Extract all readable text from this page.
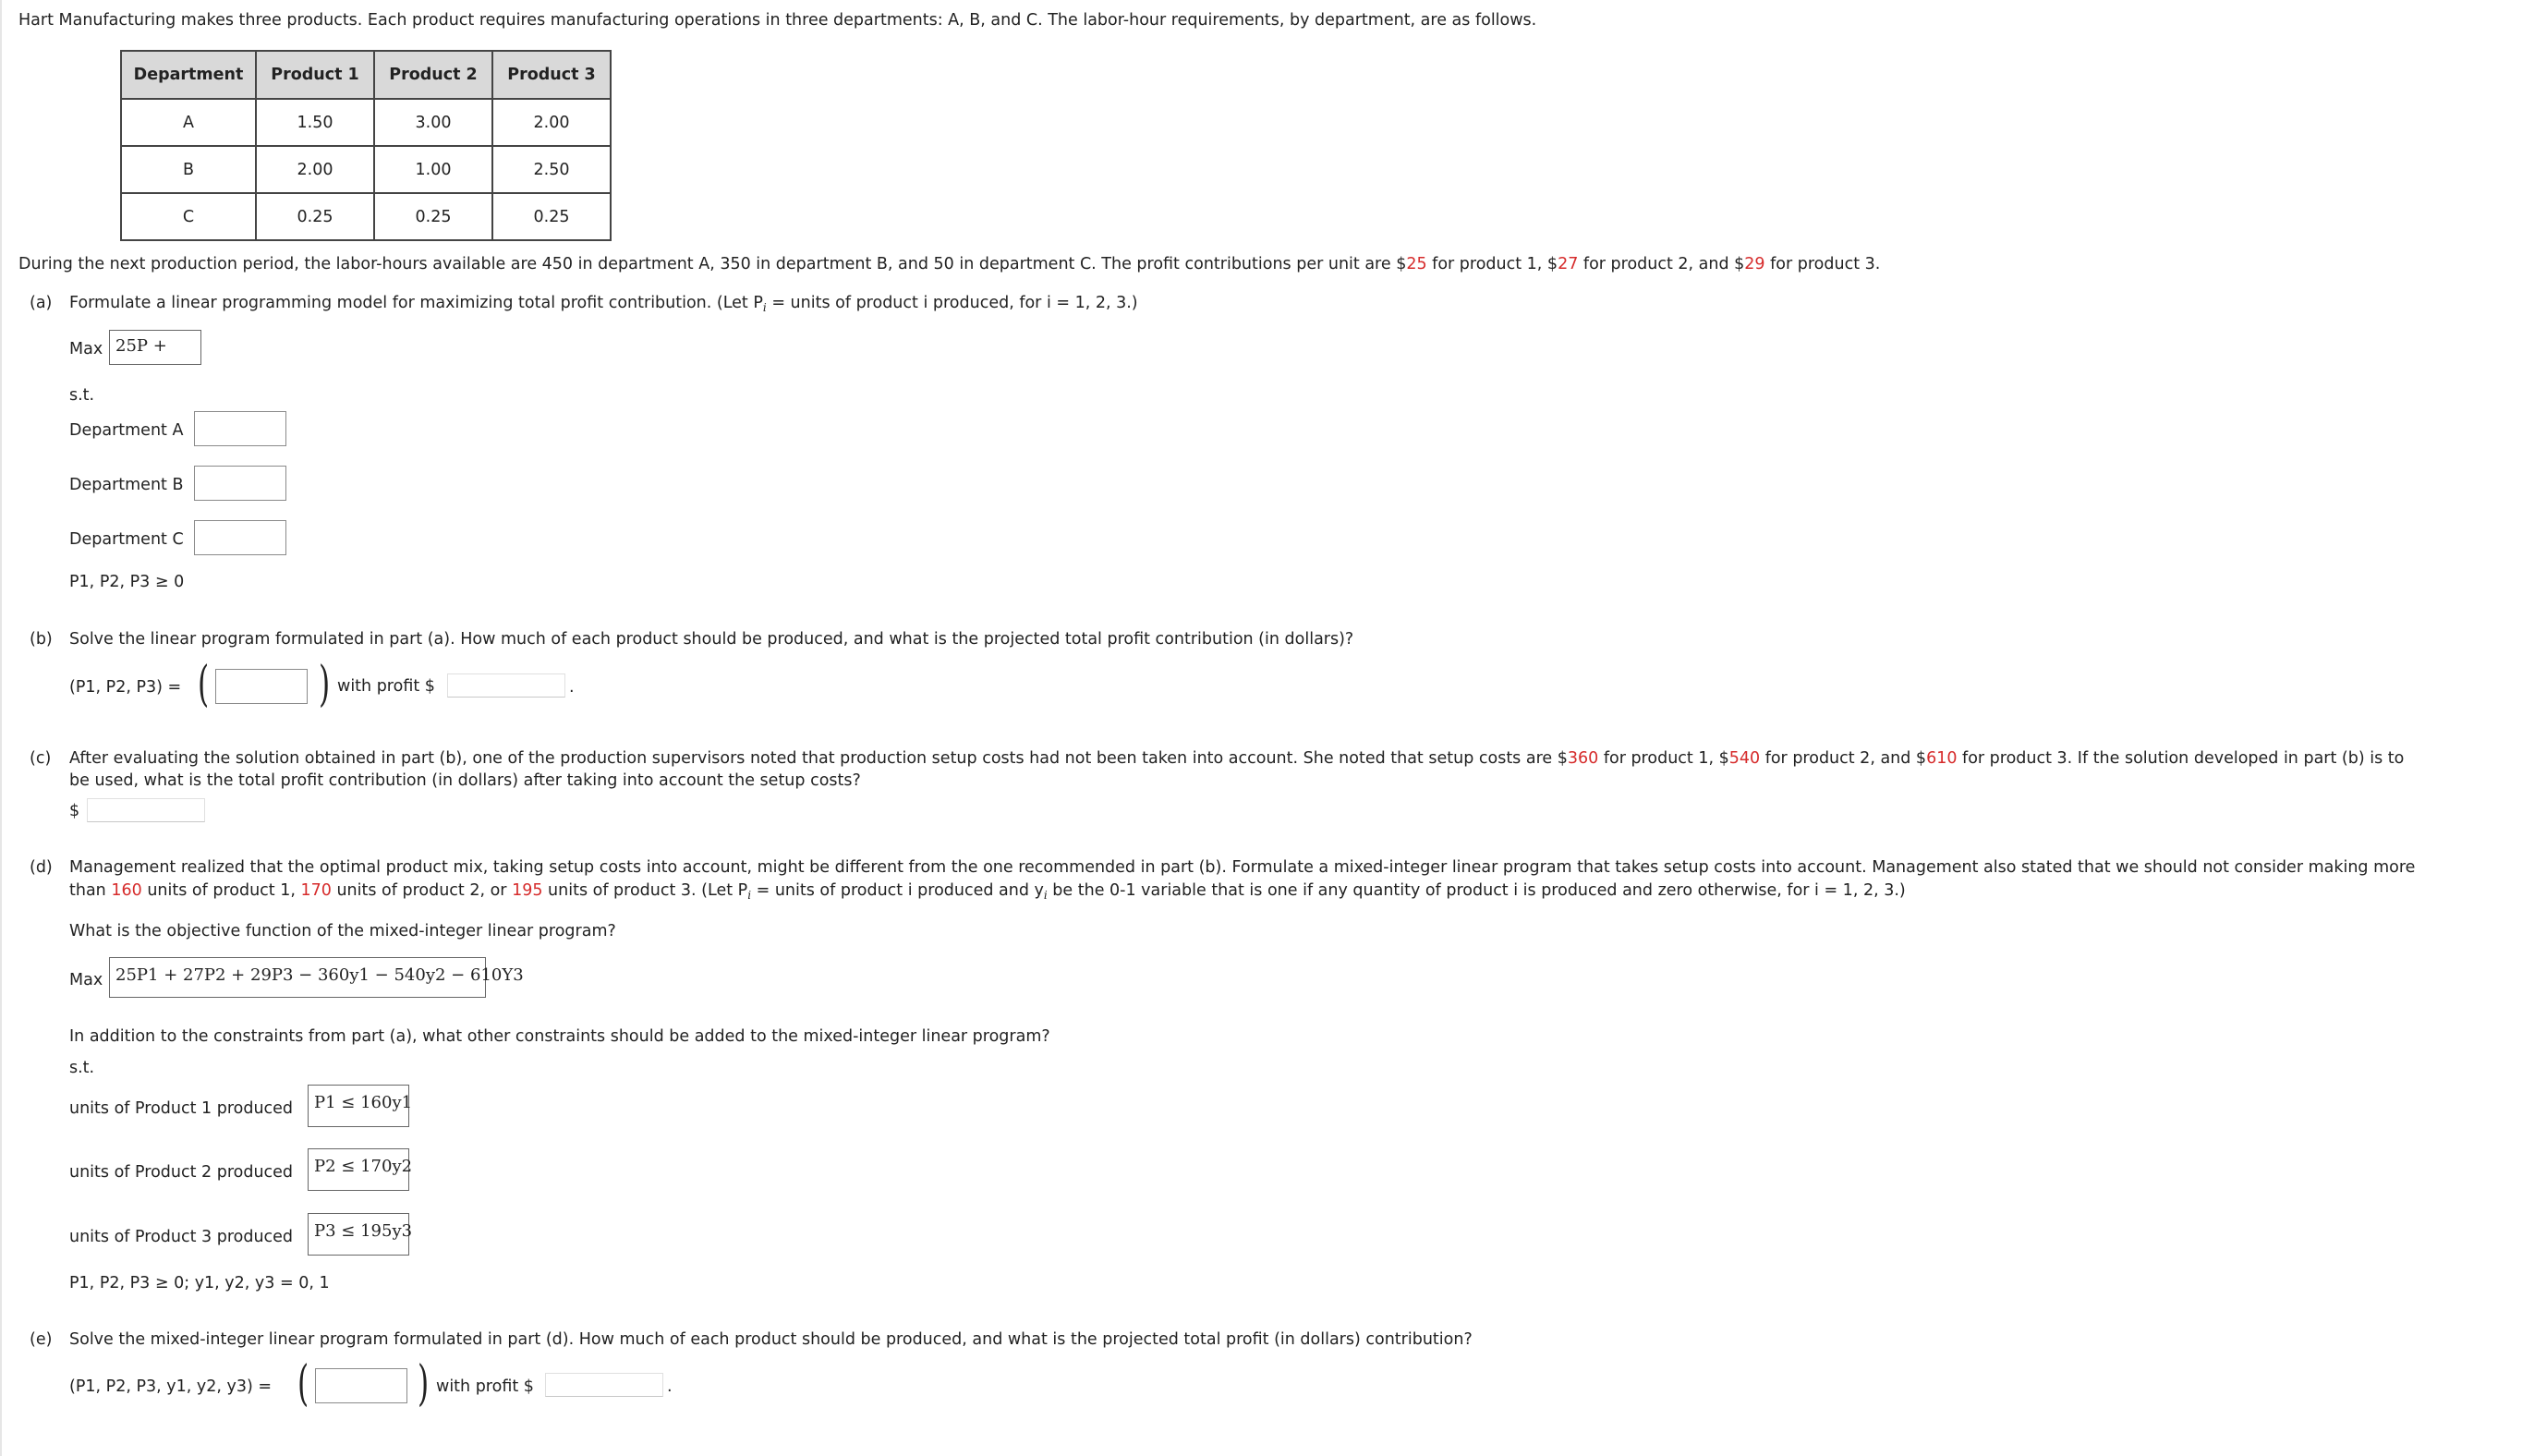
Hart Manufacturing makes three products. Each product requires manufacturing operations in three departments: A, B, and C. The labor-hour requirements, by department, are as follows.
Department	Product 1	Product 2	Product 3
A	1.50	3.00	2.00
B	2.00	1.00	2.50
C	0.25	0.25	0.25
During the next production period, the labor-hours available are 450 in department A, 350 in department B, and 50 in department C. The profit contributions per unit are $25 for product 1, $27 for product 2, and $29 for product 3.
(a) Formulate a linear programming model for maximizing total profit contribution. (Let $P_i$ = units of product i produced, for i = 1, 2, 3.)
Max 25P +
s.t.
Department A
Department B
Department C
P1, P2, P3 ≥ 0
(b) Solve the linear program formulated in part (a). How much of each product should be produced, and what is the projected total profit contribution (in dollars)?
(P1, P2, P3) = ( ) with profit $	.
(c) After evaluating the solution obtained in part (b), one of the production supervisors noted that production setup costs had not been taken into account. She noted that setup costs are $360 for product 1, $540 for product 2, and $610 for product 3. If the solution developed in part (b) is to
be used, what is the total profit contribution (in dollars) after taking into account the setup costs?
$
(d) Management realized that the optimal product mix, taking setup costs into account, might be different from the one recommended in part (b). Formulate a mixed-integer linear program that takes setup costs into account. Management also stated that we should not consider making more
than 160 units of product 1, 170 units of product 2, or 195 units of product 3. (Let $P_i$ = units of product i produced and $y_i$ be the 0-1 variable that is one if any quantity of product i is produced and zero otherwise, for i = 1, 2, 3.)
What is the objective function of the mixed-integer linear program?
Max 25P1 + 27P2 + 29P3 − 360y1 − 540y2 − 610Y3
In addition to the constraints from part (a), what other constraints should be added to the mixed-integer linear program?
s.t.
units of Product 1 produced	P1 ≤ 160y1
units of Product 2 produced	P2 ≤ 170y2
units of Product 3 produced	P3 ≤ 195y3
P1, P2, P3 ≥ 0; y1, y2, y3 = 0, 1
(e) Solve the mixed-integer linear program formulated in part (d). How much of each product should be produced, and what is the projected total profit (in dollars) contribution?
(P1, P2, P3, y1, y2, y3) = ( ) with profit $	.
